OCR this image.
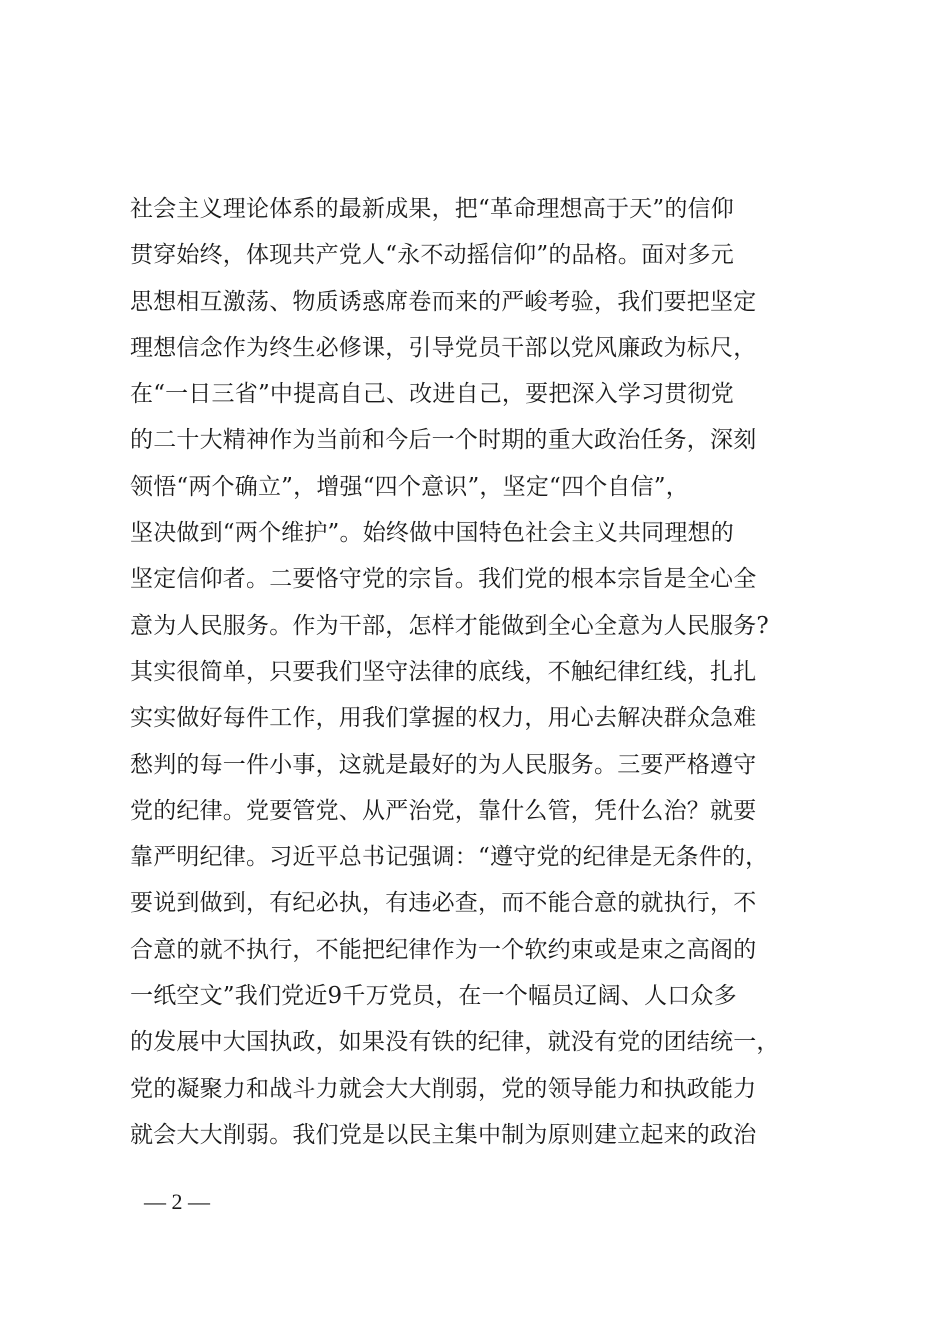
社会主义理论体系的最新成果，把“革命理想高于天”的信仰
贯穿始终，体现共产党人“永不动摇信仰”的品格。面对多元
思想相互激荡、物质诱惑席卷而来的严峻考验，我们要把坚定
理想信念作为终生必修课，引导党员干部以党风廉政为标尺，
在“一日三省”中提高自己、改进自己，要把深入学习贯彻党
的二十大精神作为当前和今后一个时期的重大政治任务，深刻
领悟“两个确立”，增强“四个意识”，坚定“四个自信”，
坚决做到“两个维护”。始终做中国特色社会主义共同理想的
坚定信仰者。二要恪守党的宗旨。我们党的根本宗旨是全心全
意为人民服务。作为干部，怎样才能做到全心全意为人民服务?
其实很简单，只要我们坚守法律的底线，不触纪律红线，扎扎
实实做好每件工作，用我们掌握的权力，用心去解决群众急难
愁判的每一件小事，这就是最好的为人民服务。三要严格遵守
党的纪律。党要管党、从严治党，靠什么管，凭什么治？就要
靠严明纪律。习近平总书记强调：“遵守党的纪律是无条件的，
要说到做到，有纪必执，有违必查，而不能合意的就执行，不
合意的就不执行，不能把纪律作为一个软约束或是束之高阁的
一纸空文”我们党近9千万党员，在一个幅员辽阔、人口众多
的发展中大国执政，如果没有铁的纪律，就没有党的团结统一，
党的凝聚力和战斗力就会大大削弱，党的领导能力和执政能力
就会大大削弱。我们党是以民主集中制为原则建立起来的政治
— 2 —
